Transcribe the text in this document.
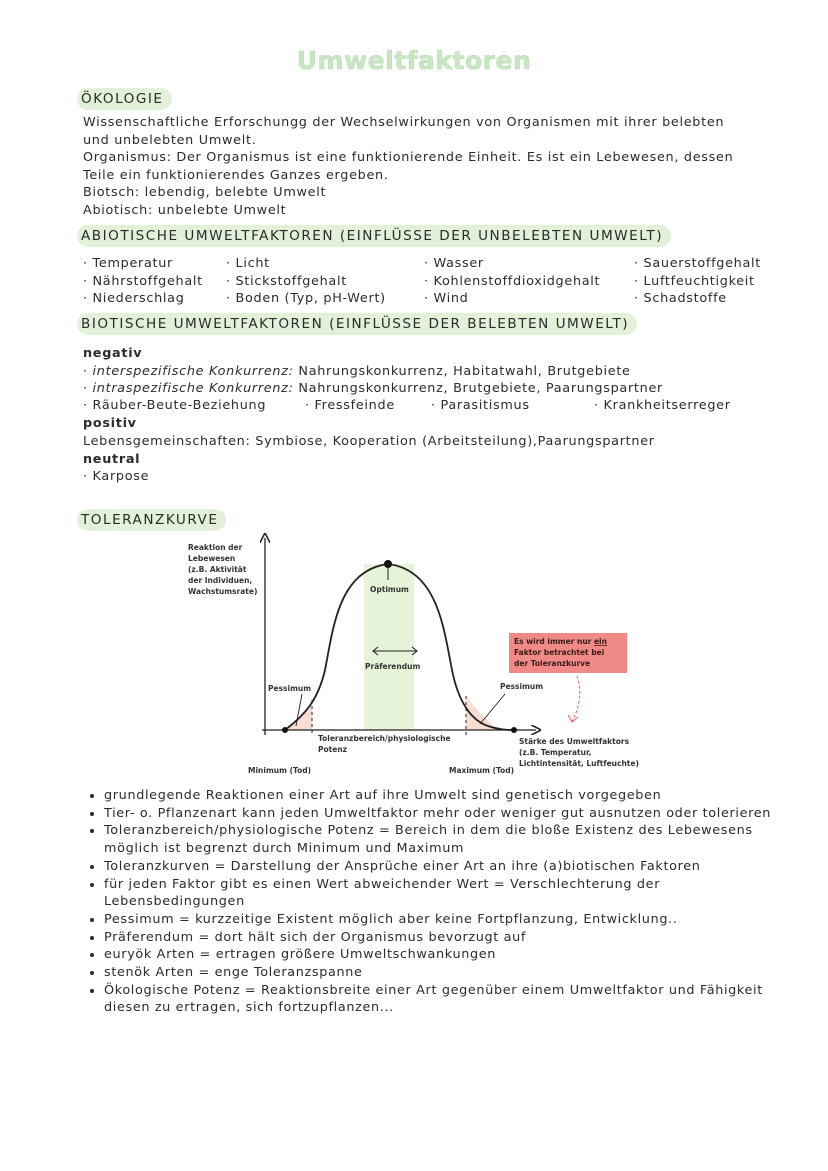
Umweltfaktoren
ÖKOLOGIE
Wissenschaftliche Erforschungg der Wechselwirkungen von Organismen mit ihrer belebten
und unbelebten Umwelt.
Organismus: Der Organismus ist eine funktionierende Einheit. Es ist ein Lebewesen, dessen
Teile ein funktionierendes Ganzes ergeben.
Biotsch: lebendig, belebte Umwelt
Abiotisch: unbelebte Umwelt
ABIOTISCHE UMWELTFAKTOREN (EINFLÜSSE DER UNBELEBTEN UMWELT)
· Temperatur	· Licht	· Wasser	· Sauerstoffgehalt
· Nährstoffgehalt · Stickstoffgehalt	· Kohlenstoffdioxidgehalt	· Luftfeuchtigkeit
· Niederschlag	· Boden (Typ, pH-Wert)	· Wind	· Schadstoffe
BIOTISCHE UMWELTFAKTOREN (EINFLÜSSE DER BELEBTEN UMWELT)
negativ
· interspezifische Konkurrenz: Nahrungskonkurrenz, Habitatwahl, Brutgebiete
· intraspezifische Konkurrenz: Nahrungskonkurrenz, Brutgebiete, Paarungspartner
· Räuber-Beute-Beziehung	· Fressfeinde	· Parasitismus	· Krankheitserreger
positiv
Lebensgemeinschaften: Symbiose, Kooperation (Arbeitsteilung),Paarungspartner
neutral
· Karpose
TOLERANZKURVE
Reaktion der
Lebewesen
(z.B. Aktivität
der Individuen,
Wachstumsrate)	Optimum
Präferendum
Pessimum	Pessimum
Toleranzbereich/physiologische
Potenz
Stärke des Umweltfaktors
(z.B. Temperatur,
Lichtintensität, Luftfeuchte)
Minimum (Tod)	Maximum (Tod)
Es wird immer nur ein
Faktor betrachtet bei
der Toleranzkurve
• grundlegende Reaktionen einer Art auf ihre Umwelt sind genetisch vorgegeben
• Tier- o. Pflanzenart kann jeden Umweltfaktor mehr oder weniger gut ausnutzen oder tolerieren
• Toleranzbereich/physiologische Potenz = Bereich in dem die bloße Existenz des Lebewesens möglich ist begrenzt durch Minimum und Maximum
• Toleranzkurven = Darstellung der Ansprüche einer Art an ihre (a)biotischen Faktoren
• für jeden Faktor gibt es einen Wert abweichender Wert = Verschlechterung der Lebensbedingungen
• Pessimum = kurzzeitige Existent möglich aber keine Fortpflanzung, Entwicklung..
• Präferendum = dort hält sich der Organismus bevorzugt auf
• euryök Arten = ertragen größere Umweltschwankungen
• stenök Arten = enge Toleranzspanne
• Ökologische Potenz = Reaktionsbreite einer Art gegenüber einem Umweltfaktor und Fähigkeit diesen zu ertragen, sich fortzupflanzen...
